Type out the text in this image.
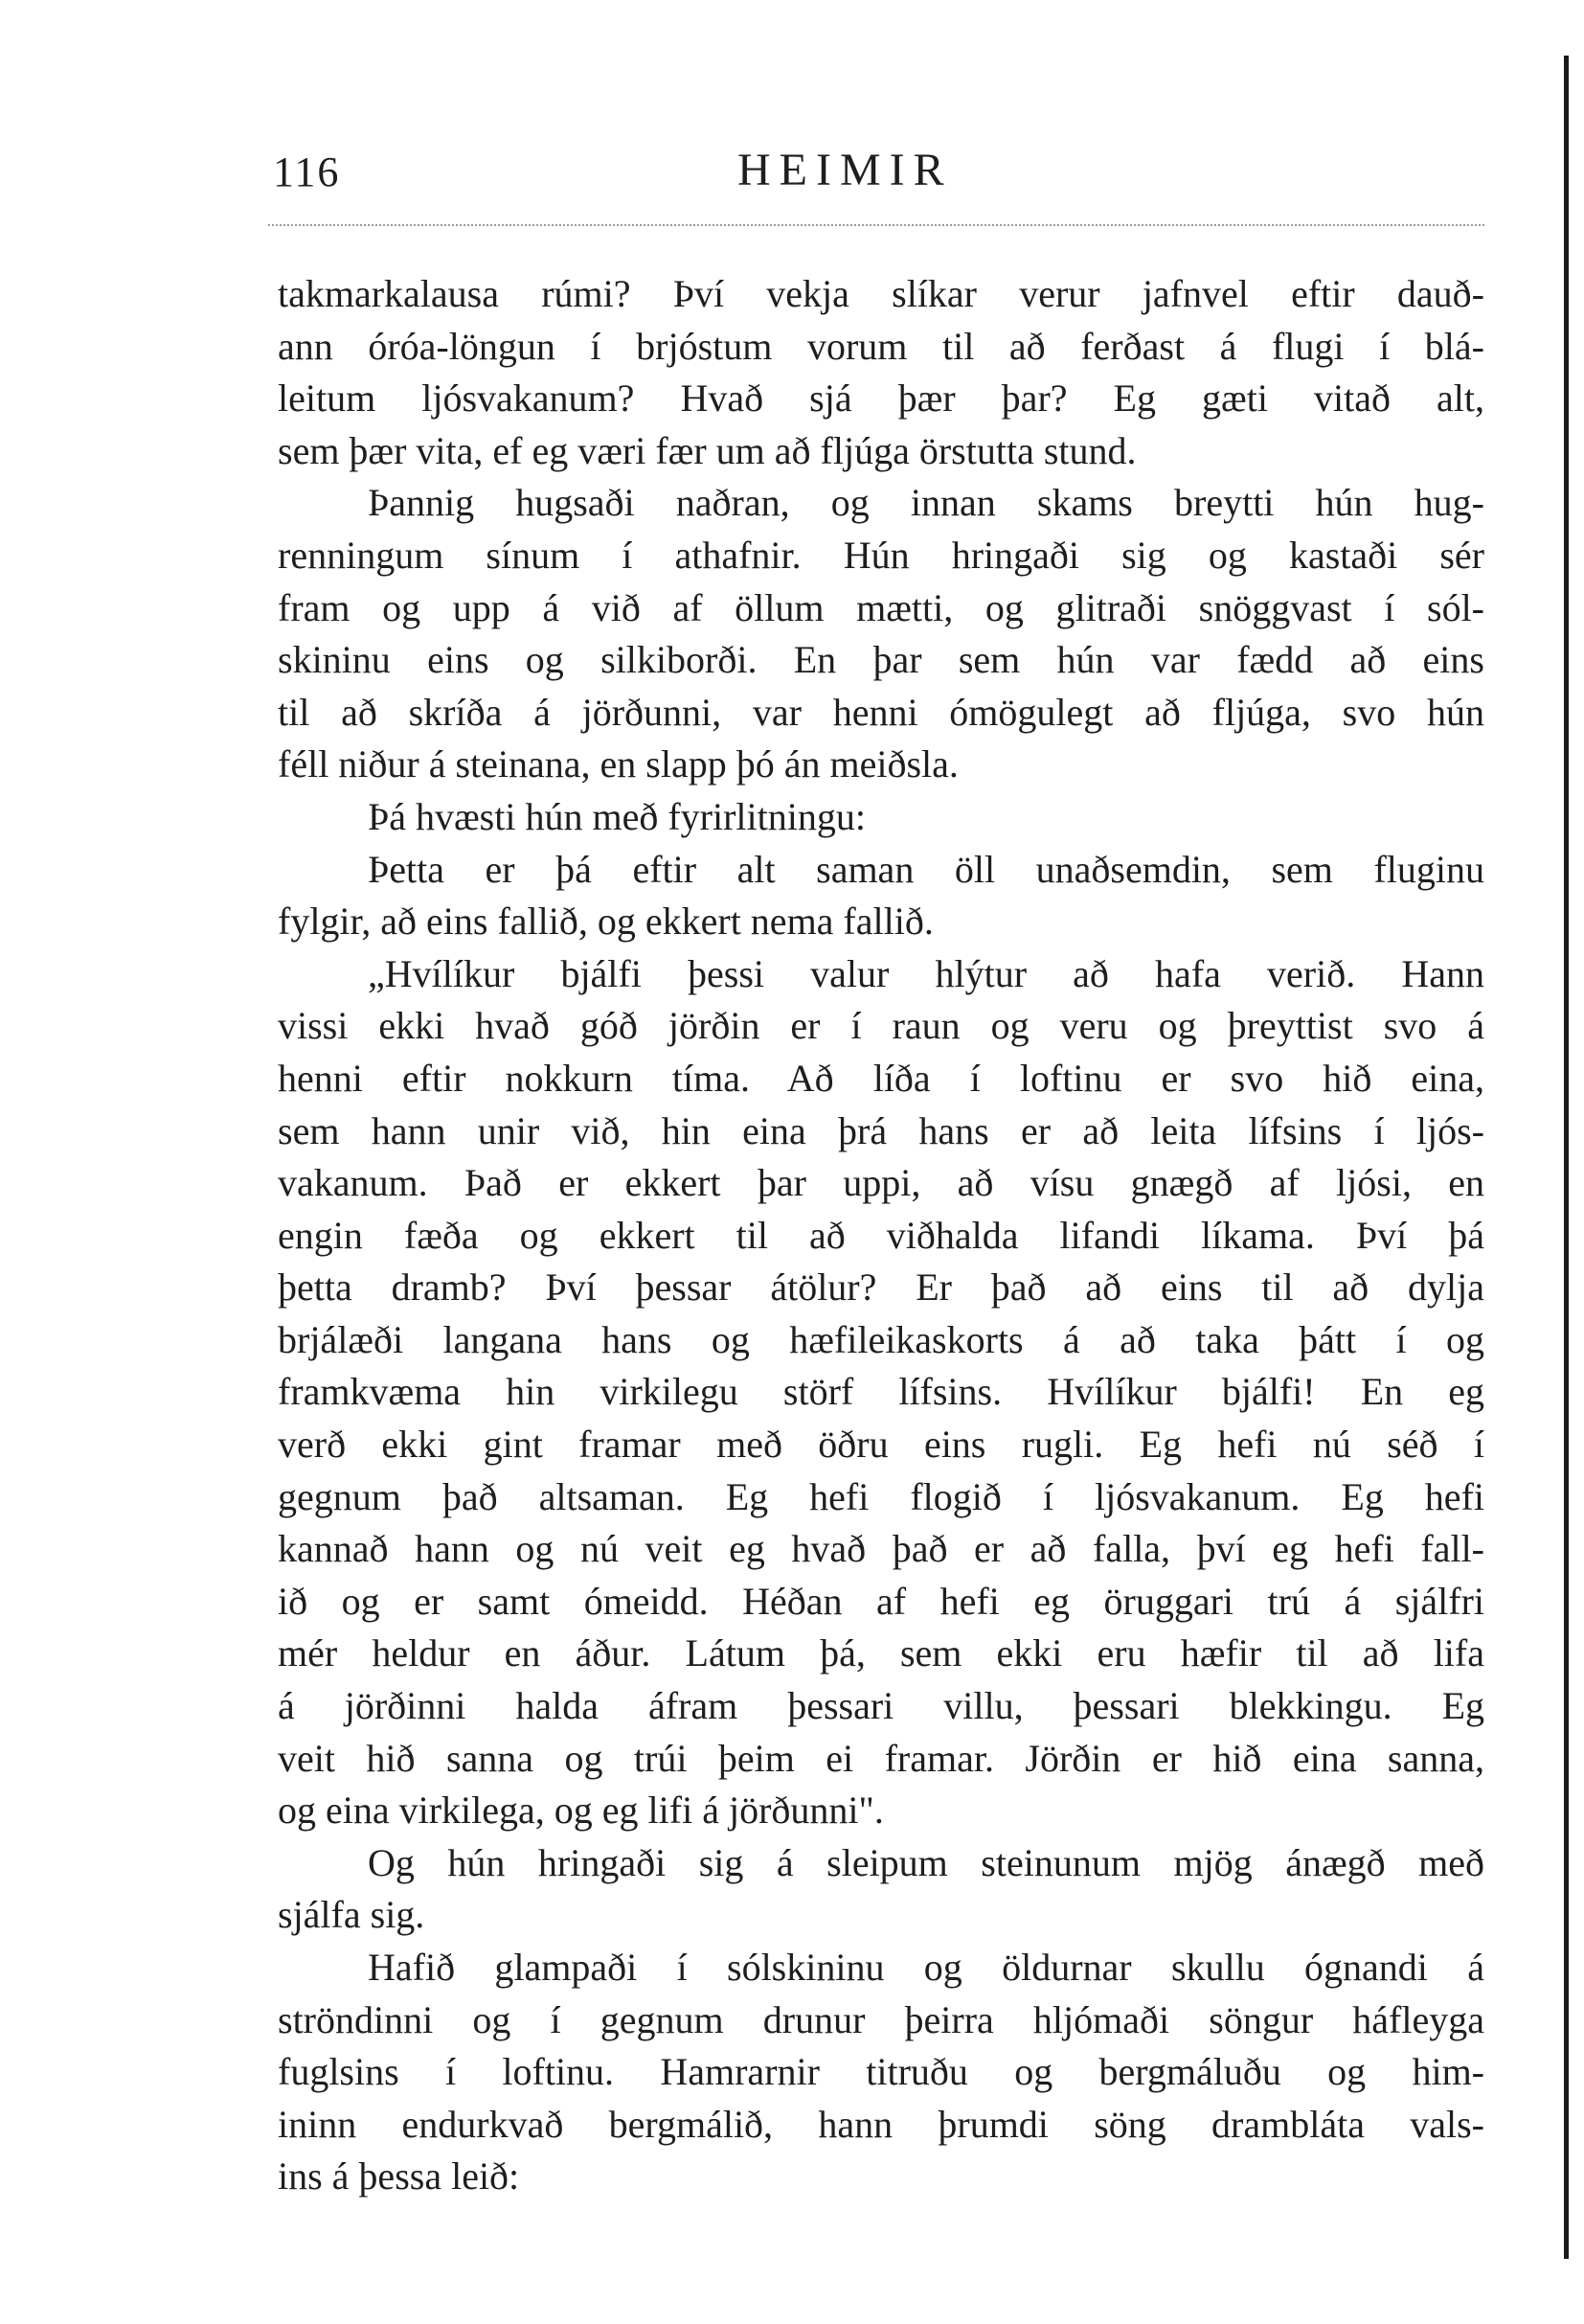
116	HEIMIR
takmarkalausa rúmi? Því vekja slíkar verur jafnvel eftir dauð-
ann óróa-löngun í brjóstum vorum til að ferðast á flugi í blá-
leitum ljósvakanum? Hvað sjá þær þar? Eg gæti vitað alt,
sem þær vita, ef eg væri fær um að fljúga örstutta stund.
Þannig hugsaði naðran, og innan skams breytti hún hug-
renningum sínum í athafnir. Hún hringaði sig og kastaði sér
fram og upp á við af öllum mætti, og glitraði snöggvast í sól-
skininu eins og silkiborði. En þar sem hún var fædd að eins
til að skríða á jörðunni, var henni ómögulegt að fljúga, svo hún
féll niður á steinana, en slapp þó án meiðsla.
Þá hvæsti hún með fyrirlitningu:
Þetta er þá eftir alt saman öll unaðsemdin, sem fluginu
fylgir, að eins fallið, og ekkert nema fallið.
„Hvílíkur bjálfi þessi valur hlýtur að hafa verið. Hann
vissi ekki hvað góð jörðin er í raun og veru og þreyttist svo á
henni eftir nokkurn tíma. Að líða í loftinu er svo hið eina,
sem hann unir við, hin eina þrá hans er að leita lífsins í ljós-
vakanum. Það er ekkert þar uppi, að vísu gnægð af ljósi, en
engin fæða og ekkert til að viðhalda lifandi líkama. Því þá
þetta dramb? Því þessar átölur? Er það að eins til að dylja
brjálæði langana hans og hæfileikaskorts á að taka þátt í og
framkvæma hin virkilegu störf lífsins. Hvílíkur bjálfi! En eg
verð ekki gint framar með öðru eins rugli. Eg hefi nú séð í
gegnum það altsaman. Eg hefi flogið í ljósvakanum. Eg hefi
kannað hann og nú veit eg hvað það er að falla, því eg hefi fall-
ið og er samt ómeidd. Héðan af hefi eg öruggari trú á sjálfri
mér heldur en áður. Látum þá, sem ekki eru hæfir til að lifa
á jörðinni halda áfram þessari villu, þessari blekkingu. Eg
veit hið sanna og trúi þeim ei framar. Jörðin er hið eina sanna,
og eina virkilega, og eg lifi á jörðunni".
Og hún hringaði sig á sleipum steinunum mjög ánægð með
sjálfa sig.
Hafið glampaði í sólskininu og öldurnar skullu ógnandi á
ströndinni og í gegnum drunur þeirra hljómaði söngur háfleyga
fuglsins í loftinu. Hamrarnir titruðu og bergmáluðu og him-
ininn endurkvað bergmálið, hann þrumdi söng drambláta vals-
ins á þessa leið:
